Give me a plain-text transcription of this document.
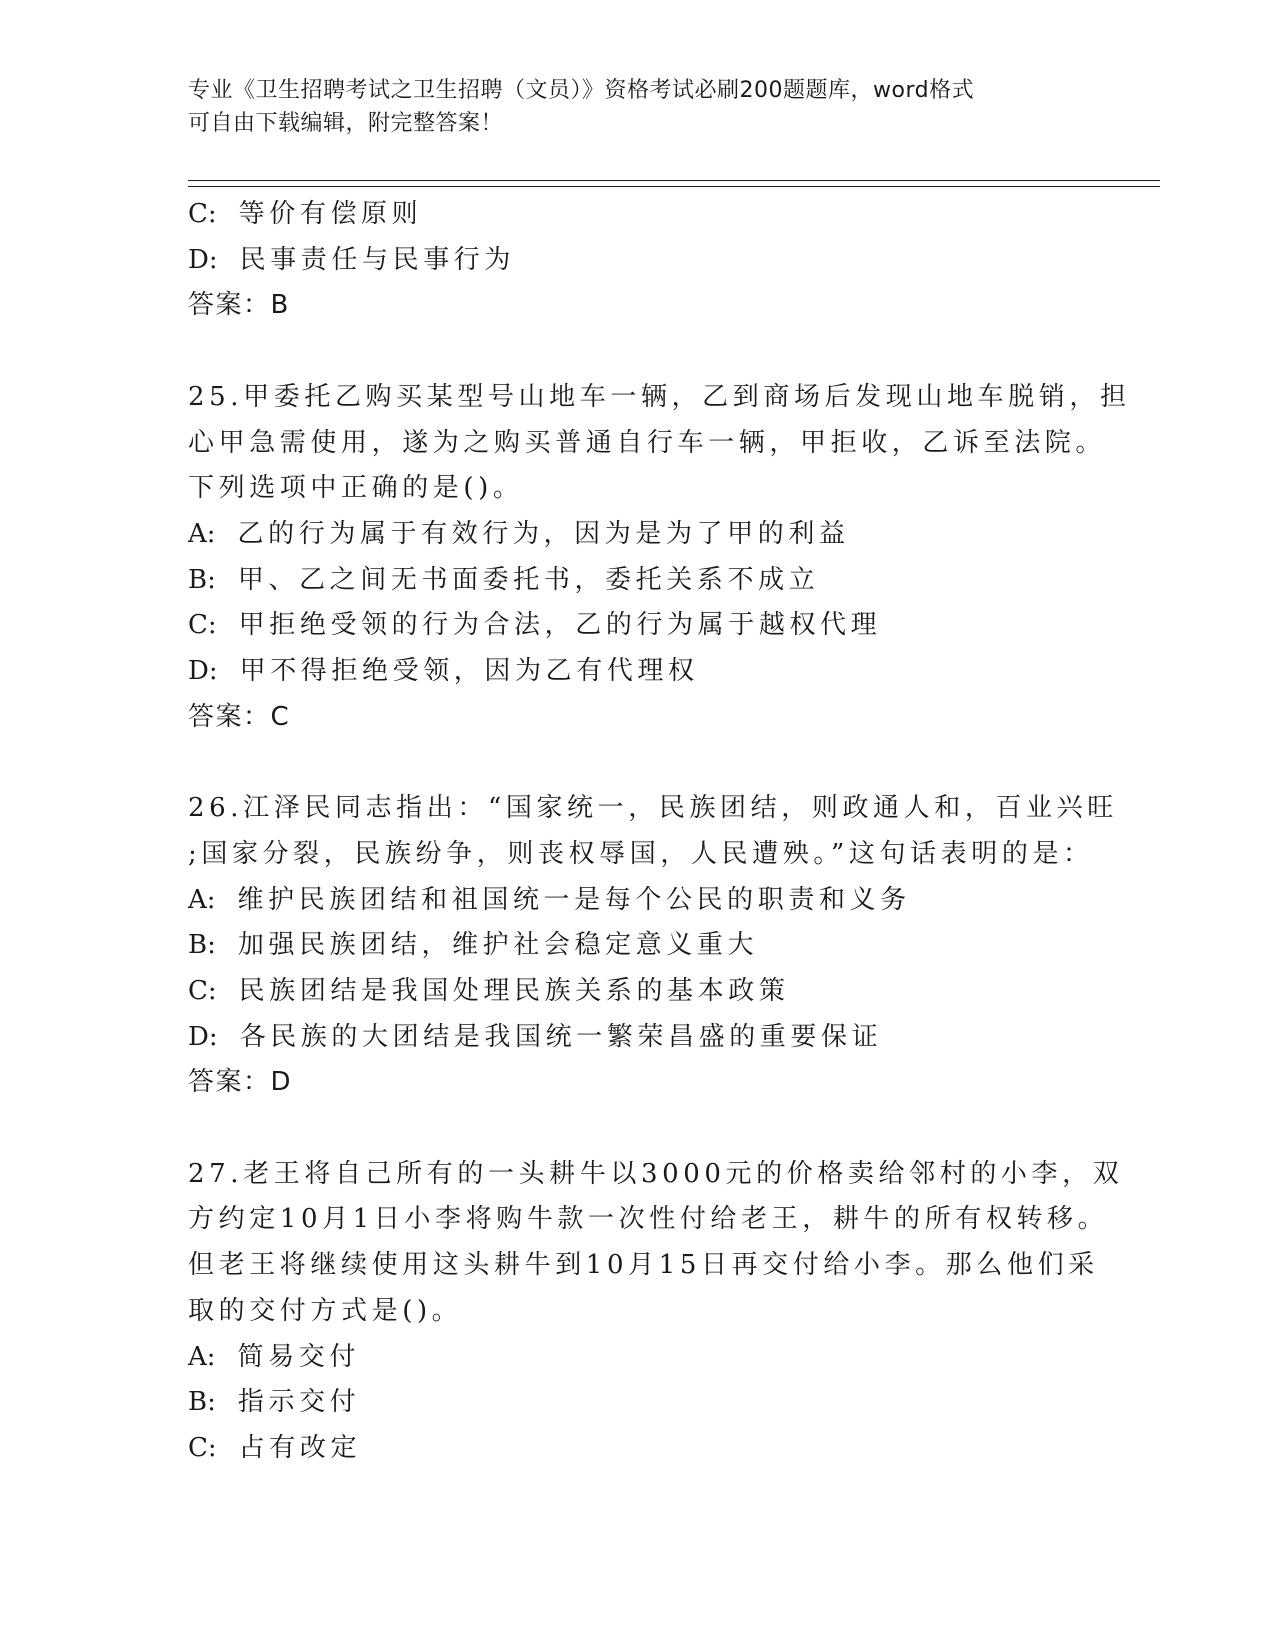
专业《卫生招聘考试之卫生招聘（文员）》资格考试必刷200题题库，word格式
可自由下载编辑，附完整答案！
C: 等价有偿原则
D: 民事责任与民事行为
答案：B
25.甲委托乙购买某型号山地车一辆，乙到商场后发现山地车脱销，担
心甲急需使用，遂为之购买普通自行车一辆，甲拒收，乙诉至法院。
下列选项中正确的是()。
A: 乙的行为属于有效行为，因为是为了甲的利益
B: 甲、乙之间无书面委托书，委托关系不成立
C: 甲拒绝受领的行为合法，乙的行为属于越权代理
D: 甲不得拒绝受领，因为乙有代理权
答案：C
26.江泽民同志指出：“国家统一，民族团结，则政通人和，百业兴旺
;国家分裂，民族纷争，则丧权辱国，人民遭殃。”这句话表明的是：
A: 维护民族团结和祖国统一是每个公民的职责和义务
B: 加强民族团结，维护社会稳定意义重大
C: 民族团结是我国处理民族关系的基本政策
D: 各民族的大团结是我国统一繁荣昌盛的重要保证
答案：D
27.老王将自己所有的一头耕牛以3000元的价格卖给邻村的小李，双
方约定10月1日小李将购牛款一次性付给老王，耕牛的所有权转移。
但老王将继续使用这头耕牛到10月15日再交付给小李。那么他们采
取的交付方式是()。
A: 简易交付
B: 指示交付
C: 占有改定
